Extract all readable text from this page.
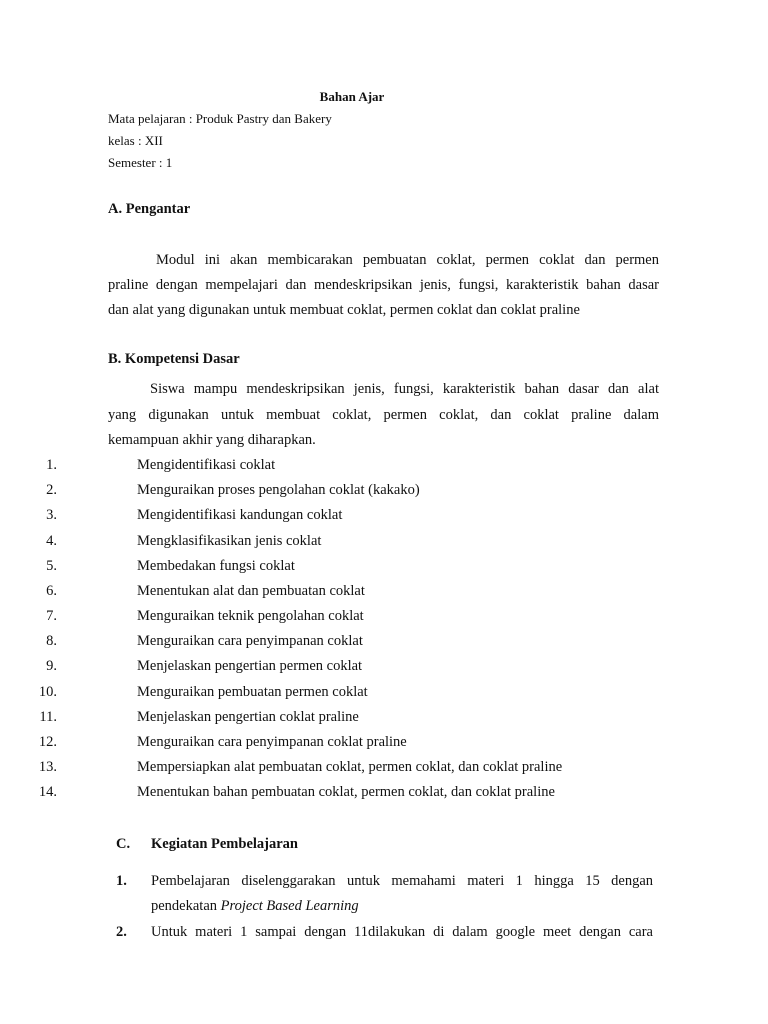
Bahan Ajar
Mata pelajaran : Produk Pastry dan Bakery
kelas : XII
Semester : 1
A. Pengantar
Modul ini akan membicarakan pembuatan coklat, permen coklat dan permen
praline dengan mempelajari dan mendeskripsikan jenis, fungsi, karakteristik bahan dasar
dan alat yang digunakan untuk membuat coklat, permen coklat dan coklat praline
B. Kompetensi Dasar
Siswa mampu mendeskripsikan jenis, fungsi, karakteristik bahan dasar dan alat
yang digunakan untuk membuat coklat, permen coklat, dan coklat praline dalam
kemampuan akhir yang diharapkan.
1.	Mengidentifikasi coklat
2.	Menguraikan proses pengolahan coklat (kakako)
3.	Mengidentifikasi kandungan coklat
4.	Mengklasifikasikan jenis coklat
5.	Membedakan fungsi coklat
6.	Menentukan alat dan pembuatan coklat
7.	Menguraikan teknik pengolahan coklat
8.	Menguraikan cara penyimpanan coklat
9.	Menjelaskan pengertian permen coklat
10.	Menguraikan pembuatan permen coklat
11.	Menjelaskan pengertian coklat praline
12.	Menguraikan cara penyimpanan coklat praline
13.	Mempersiapkan alat pembuatan coklat, permen coklat, dan coklat praline
14.	Menentukan bahan pembuatan coklat, permen coklat, dan coklat praline
C. Kegiatan Pembelajaran
1. Pembelajaran diselenggarakan untuk memahami materi 1 hingga 15 dengan
pendekatan Project Based Learning
2. Untuk materi 1 sampai dengan 11dilakukan di dalam google meet dengan cara
